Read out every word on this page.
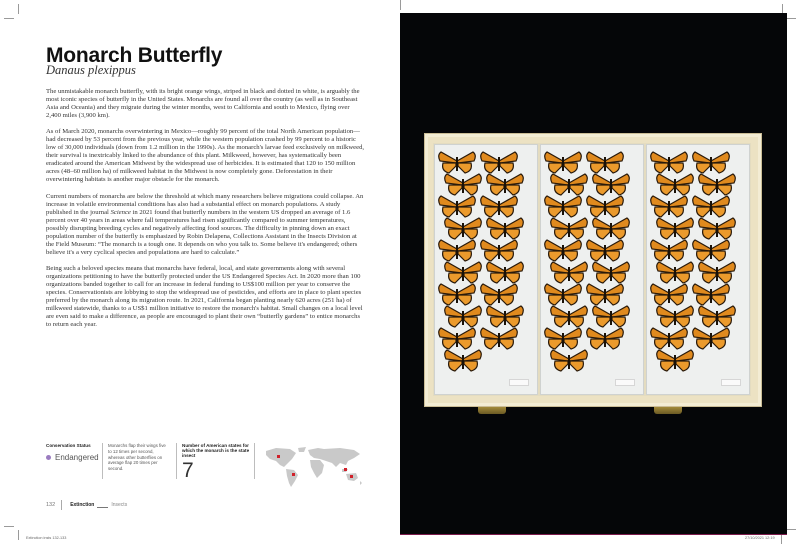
Monarch Butterfly
Danaus plexippus

The unmistakable monarch butterfly, with its bright orange wings, striped in black and dotted in white, is arguably the most iconic species of butterfly in the United States. Monarchs are found all over the country (as well as in Southeast Asia and Oceania) and they migrate during the winter months, west to California and south to Mexico, flying over 2,400 miles (3,900 km).

As of March 2020, monarchs overwintering in Mexico—roughly 99 percent of the total North American population—had decreased by 53 percent from the previous year, while the western population crashed by 99 percent to a historic low of 30,000 individuals (down from 1.2 million in the 1990s). As the monarch's larvae feed exclusively on milkweed, their survival is inextricably linked to the abundance of this plant. Milkweed, however, has systematically been eradicated around the American Midwest by the widespread use of herbicides. It is estimated that 120 to 150 million acres (48–60 million ha) of milkweed habitat in the Midwest is now completely gone. Deforestation in their overwintering habitats is another major obstacle for the monarch.

Current numbers of monarchs are below the threshold at which many researchers believe migrations could collapse. An increase in volatile environmental conditions has also had a substantial effect on monarch populations. A study published in the journal Science in 2021 found that butterfly numbers in the western US dropped an average of 1.6 percent over 40 years in areas where fall temperatures had risen significantly compared to summer temperatures, possibly disrupting breeding cycles and negatively affecting food sources. The difficulty in pinning down an exact population number of the butterfly is emphasized by Robin Delapena, Collections Assistant in the Insects Division at the Field Museum: “The monarch is a tough one. It depends on who you talk to. Some believe it's endangered; others believe it's a very cyclical species and populations are hard to calculate.”

Being such a beloved species means that monarchs have federal, local, and state governments along with several organizations petitioning to have the butterfly protected under the US Endangered Species Act. In 2020 more than 100 organizations banded together to call for an increase in federal funding to US$100 million per year to conserve the species. Conservationists are lobbying to stop the widespread use of pesticides, and efforts are in place to plant species preferred by the monarch along its migration route. In 2021, California began planting nearly 620 acres (251 ha) of milkweed statewide, thanks to a US$1 million initiative to restore the monarch's habitat. Small changes on a local level are even said to make a difference, as people are encouraged to plant their own “butterfly gardens” to entice monarchs to return each year.

Conservation Status
Endangered
Monarchs flap their wings five to 12 times per second, whereas other butterflies on average flap 20 times per second.
Number of American states for which the monarch is the state insect
7
132	Extinction	Insects
Extinction insts 132-133	27/10/2021 12:19
